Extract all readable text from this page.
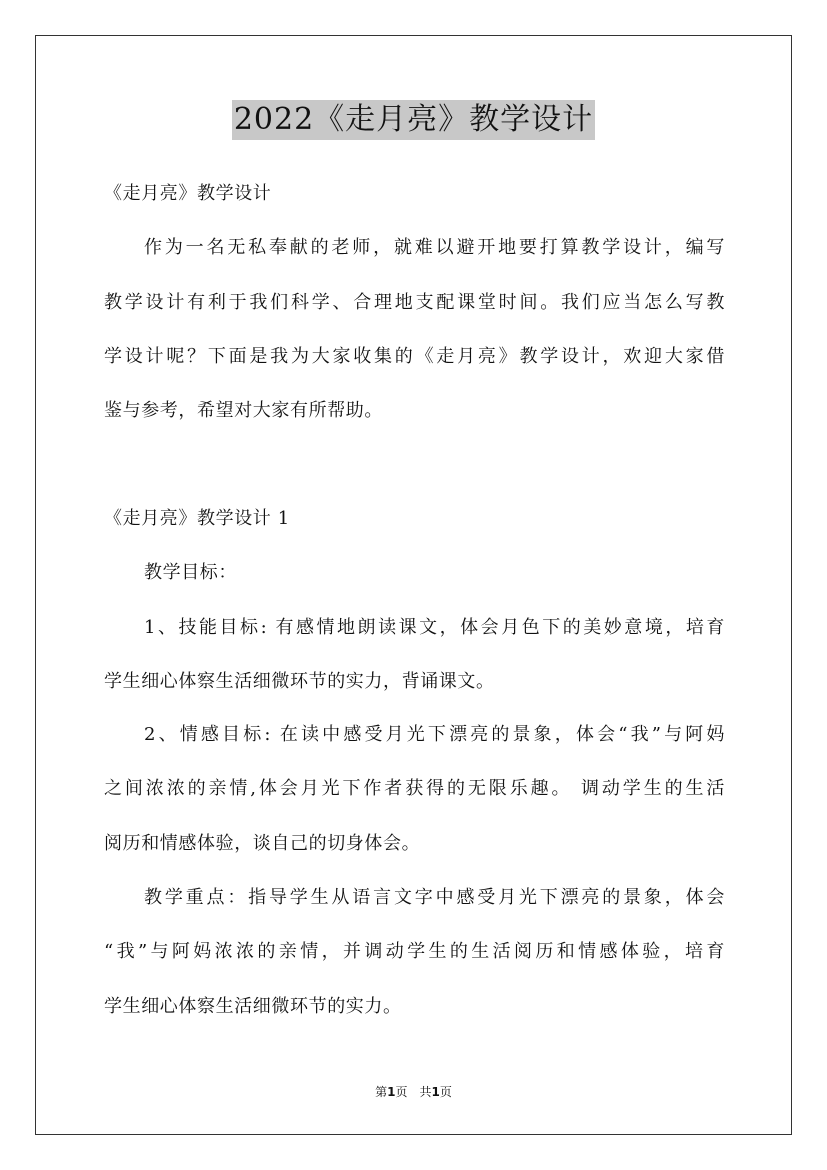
2022《走月亮》教学设计
《走月亮》教学设计
作为一名无私奉献的老师，就难以避开地要打算教学设计，编写
教学设计有利于我们科学、合理地支配课堂时间。我们应当怎么写教
学设计呢？下面是我为大家收集的《走月亮》教学设计，欢迎大家借
鉴与参考，希望对大家有所帮助。
《走月亮》教学设计 1
教学目标：
1、技能目标: 有感情地朗读课文，体会月色下的美妙意境，培育
学生细心体察生活细微环节的实力，背诵课文。
2、情感目标: 在读中感受月光下漂亮的景象，体会“我”与阿妈
之间浓浓的亲情,体会月光下作者获得的无限乐趣。 调动学生的生活
阅历和情感体验，谈自己的切身体会。
教学重点：指导学生从语言文字中感受月光下漂亮的景象，体会
“我”与阿妈浓浓的亲情，并调动学生的生活阅历和情感体验，培育
学生细心体察生活细微环节的实力。
第1页　共1页
